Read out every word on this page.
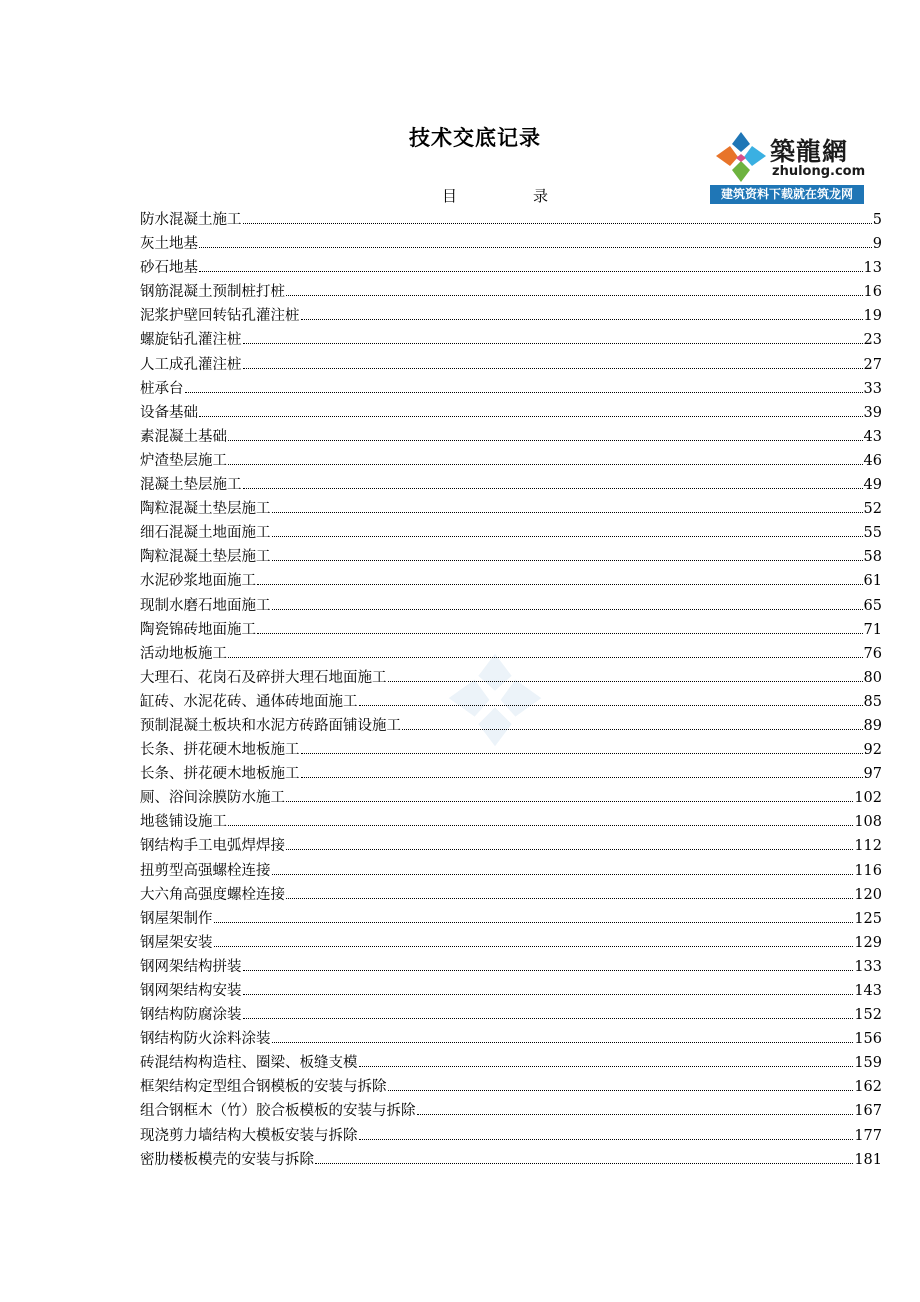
技术交底记录	築龍網
zhulong.com
建筑资料下载就在筑龙网
目	录
防水混凝土施工	5
灰土地基	9
砂石地基	13
钢筋混凝土预制桩打桩	16
泥浆护壁回转钻孔灌注桩	19
螺旋钻孔灌注桩	23
人工成孔灌注桩	27
桩承台	33
设备基础	39
素混凝土基础	43
炉渣垫层施工	46
混凝土垫层施工	49
陶粒混凝土垫层施工	52
细石混凝土地面施工	55
陶粒混凝土垫层施工	58
水泥砂浆地面施工	61
现制水磨石地面施工	65
陶瓷锦砖地面施工	71
活动地板施工	76
大理石、花岗石及碎拼大理石地面施工	80
缸砖、水泥花砖、通体砖地面施工	85
预制混凝土板块和水泥方砖路面铺设施工	89
长条、拼花硬木地板施工	92
长条、拼花硬木地板施工	97
厕、浴间涂膜防水施工	102
地毯铺设施工	108
钢结构手工电弧焊焊接	112
扭剪型高强螺栓连接	116
大六角高强度螺栓连接	120
钢屋架制作	125
钢屋架安装	129
钢网架结构拼装	133
钢网架结构安装	143
钢结构防腐涂装	152
钢结构防火涂料涂装	156
砖混结构构造柱、圈梁、板缝支模	159
框架结构定型组合钢模板的安装与拆除	162
组合钢框木（竹）胶合板模板的安装与拆除	167
现浇剪力墙结构大模板安装与拆除	177
密肋楼板模壳的安装与拆除	181
